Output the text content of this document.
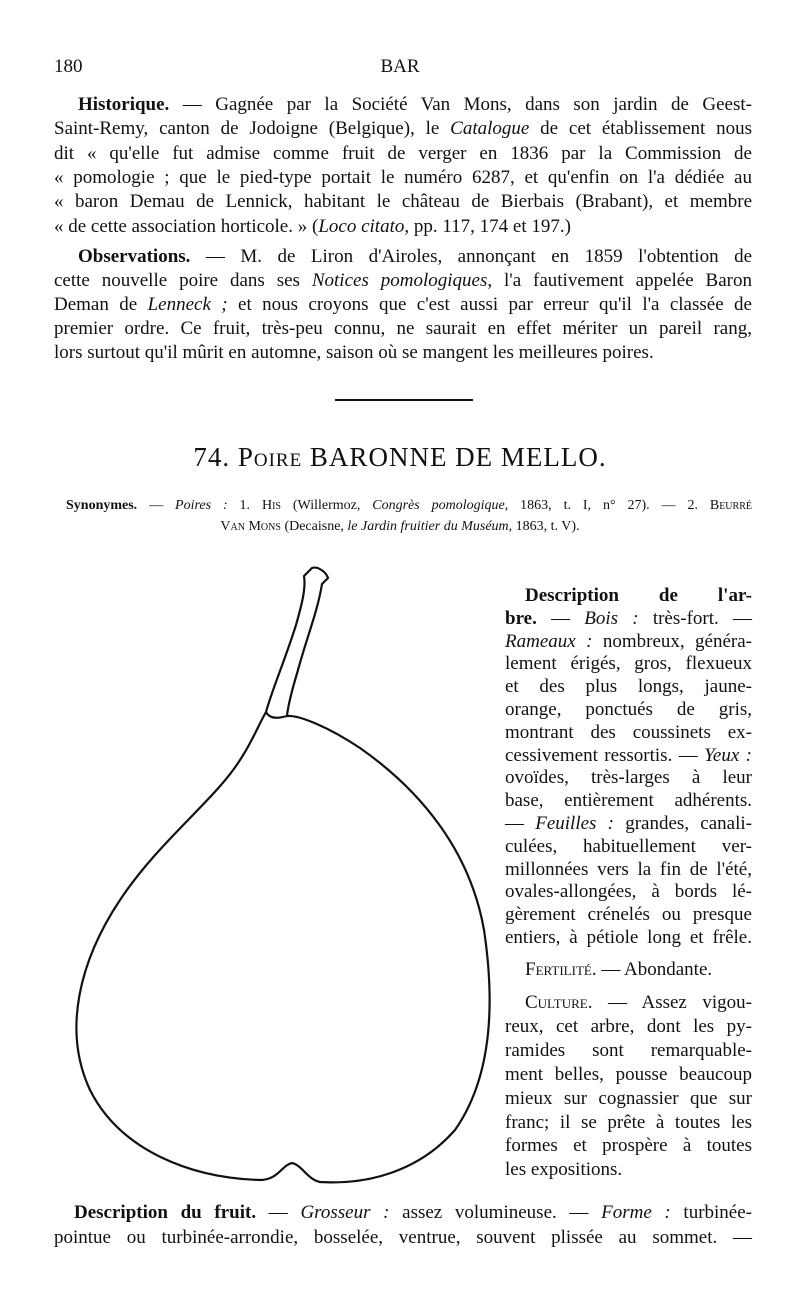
180	BAR
Historique. — Gagnée par la Société Van Mons, dans son jardin de Geest-
Saint-Remy, canton de Jodoigne (Belgique), le Catalogue de cet établissement nous
dit « qu'elle fut admise comme fruit de verger en 1836 par la Commission de
« pomologie ; que le pied-type portait le numéro 6287, et qu'enfin on l'a dédiée au
« baron Demau de Lennick, habitant le château de Bierbais (Brabant), et membre
« de cette association horticole. » (Loco citato, pp. 117, 174 et 197.)
Observations. — M. de Liron d'Airoles, annonçant en 1859 l'obtention de
cette nouvelle poire dans ses Notices pomologiques, l'a fautivement appelée Baron
Deman de Lenneck ; et nous croyons que c'est aussi par erreur qu'il l'a classée de
premier ordre. Ce fruit, très-peu connu, ne saurait en effet mériter un pareil rang,
lors surtout qu'il mûrit en automne, saison où se mangent les meilleures poires.
74. Poire BARONNE DE MELLO.
Synonymes. — Poires : 1. His (Willermoz, Congrès pomologique, 1863, t. I, n° 27). — 2. Beurré
Van Mons (Decaisne, le Jardin fruitier du Muséum, 1863, t. V).
Description de l'ar-
bre. — Bois : très-fort. —
Rameaux : nombreux, généra-
lement érigés, gros, flexueux
et des plus longs, jaune-
orange, ponctués de gris,
montrant des coussinets ex-
cessivement ressortis. — Yeux :
ovoïdes, très-larges à leur
base, entièrement adhérents.
— Feuilles : grandes, canali-
culées, habituellement ver-
millonnées vers la fin de l'été,
ovales-allongées, à bords lé-
gèrement crénelés ou presque
entiers, à pétiole long et frêle.
Fertilité. — Abondante.
Culture. — Assez vigou-
reux, cet arbre, dont les py-
ramides sont remarquable-
ment belles, pousse beaucoup
mieux sur cognassier que sur
franc; il se prête à toutes les
formes et prospère à toutes
les expositions.
Description du fruit. — Grosseur : assez volumineuse. — Forme : turbinée-
pointue ou turbinée-arrondie, bosselée, ventrue, souvent plissée au sommet. —
